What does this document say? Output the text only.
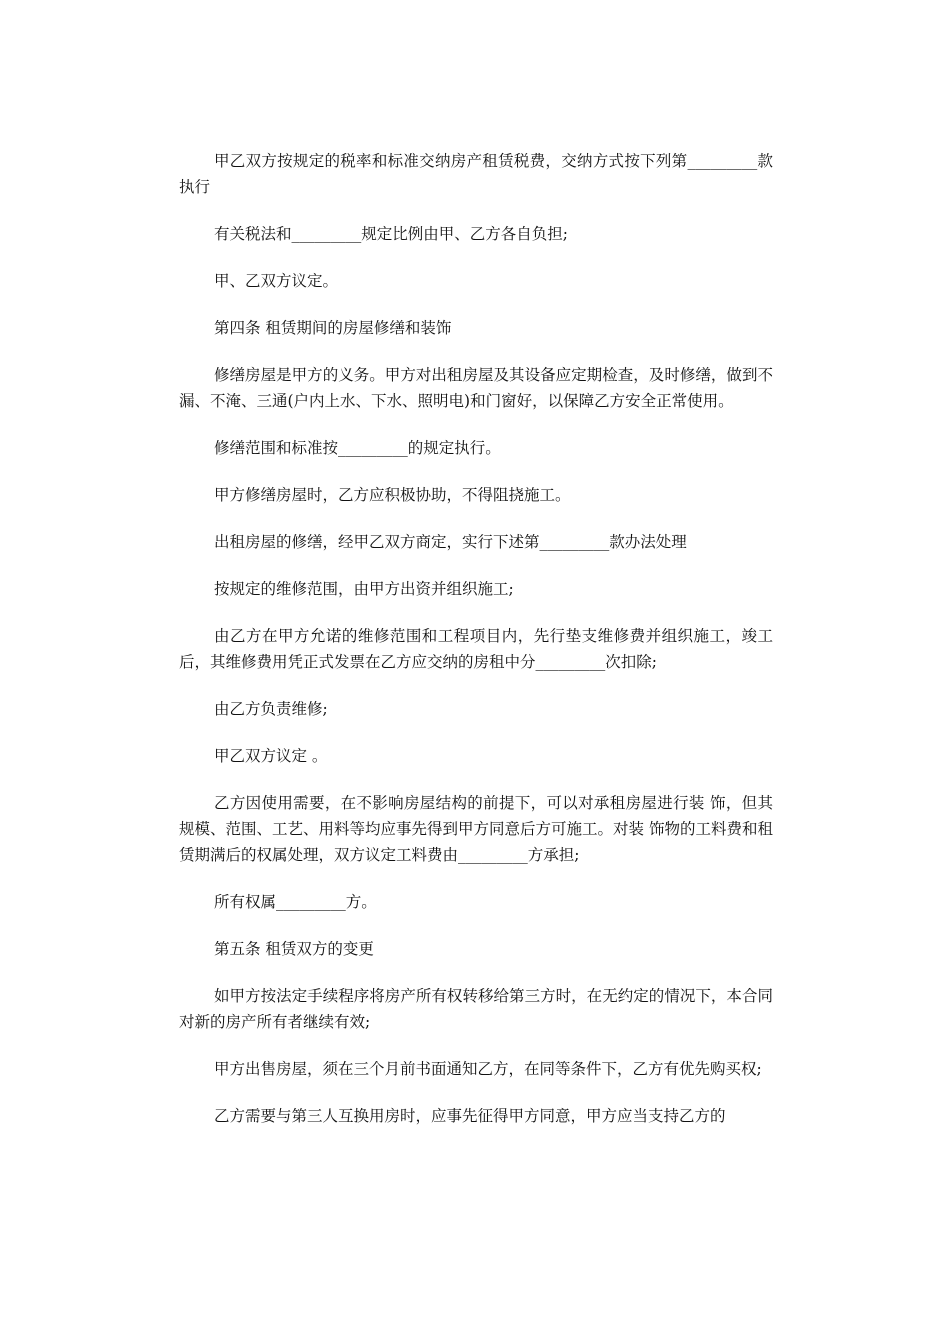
甲乙双方按规定的税率和标准交纳房产租赁税费，交纳方式按下列第_________款执行

有关税法和_________规定比例由甲、乙方各自负担;

甲、乙双方议定。

第四条 租赁期间的房屋修缮和装饰

修缮房屋是甲方的义务。甲方对出租房屋及其设备应定期检查，及时修缮，做到不漏、不淹、三通(户内上水、下水、照明电)和门窗好，以保障乙方安全正常使用。

修缮范围和标准按_________的规定执行。

甲方修缮房屋时，乙方应积极协助，不得阻挠施工。

出租房屋的修缮，经甲乙双方商定，实行下述第_________款办法处理

按规定的维修范围，由甲方出资并组织施工;

由乙方在甲方允诺的维修范围和工程项目内，先行垫支维修费并组织施工，竣工后，其维修费用凭正式发票在乙方应交纳的房租中分_________次扣除;

由乙方负责维修;

甲乙双方议定 。

乙方因使用需要，在不影响房屋结构的前提下，可以对承租房屋进行装 饰，但其规模、范围、工艺、用料等均应事先得到甲方同意后方可施工。对装 饰物的工料费和租赁期满后的权属处理，双方议定工料费由_________方承担;

所有权属_________方。

第五条 租赁双方的变更

如甲方按法定手续程序将房产所有权转移给第三方时，在无约定的情况下，本合同对新的房产所有者继续有效;

甲方出售房屋，须在三个月前书面通知乙方，在同等条件下，乙方有优先购买权;

乙方需要与第三人互换用房时，应事先征得甲方同意，甲方应当支持乙方的
